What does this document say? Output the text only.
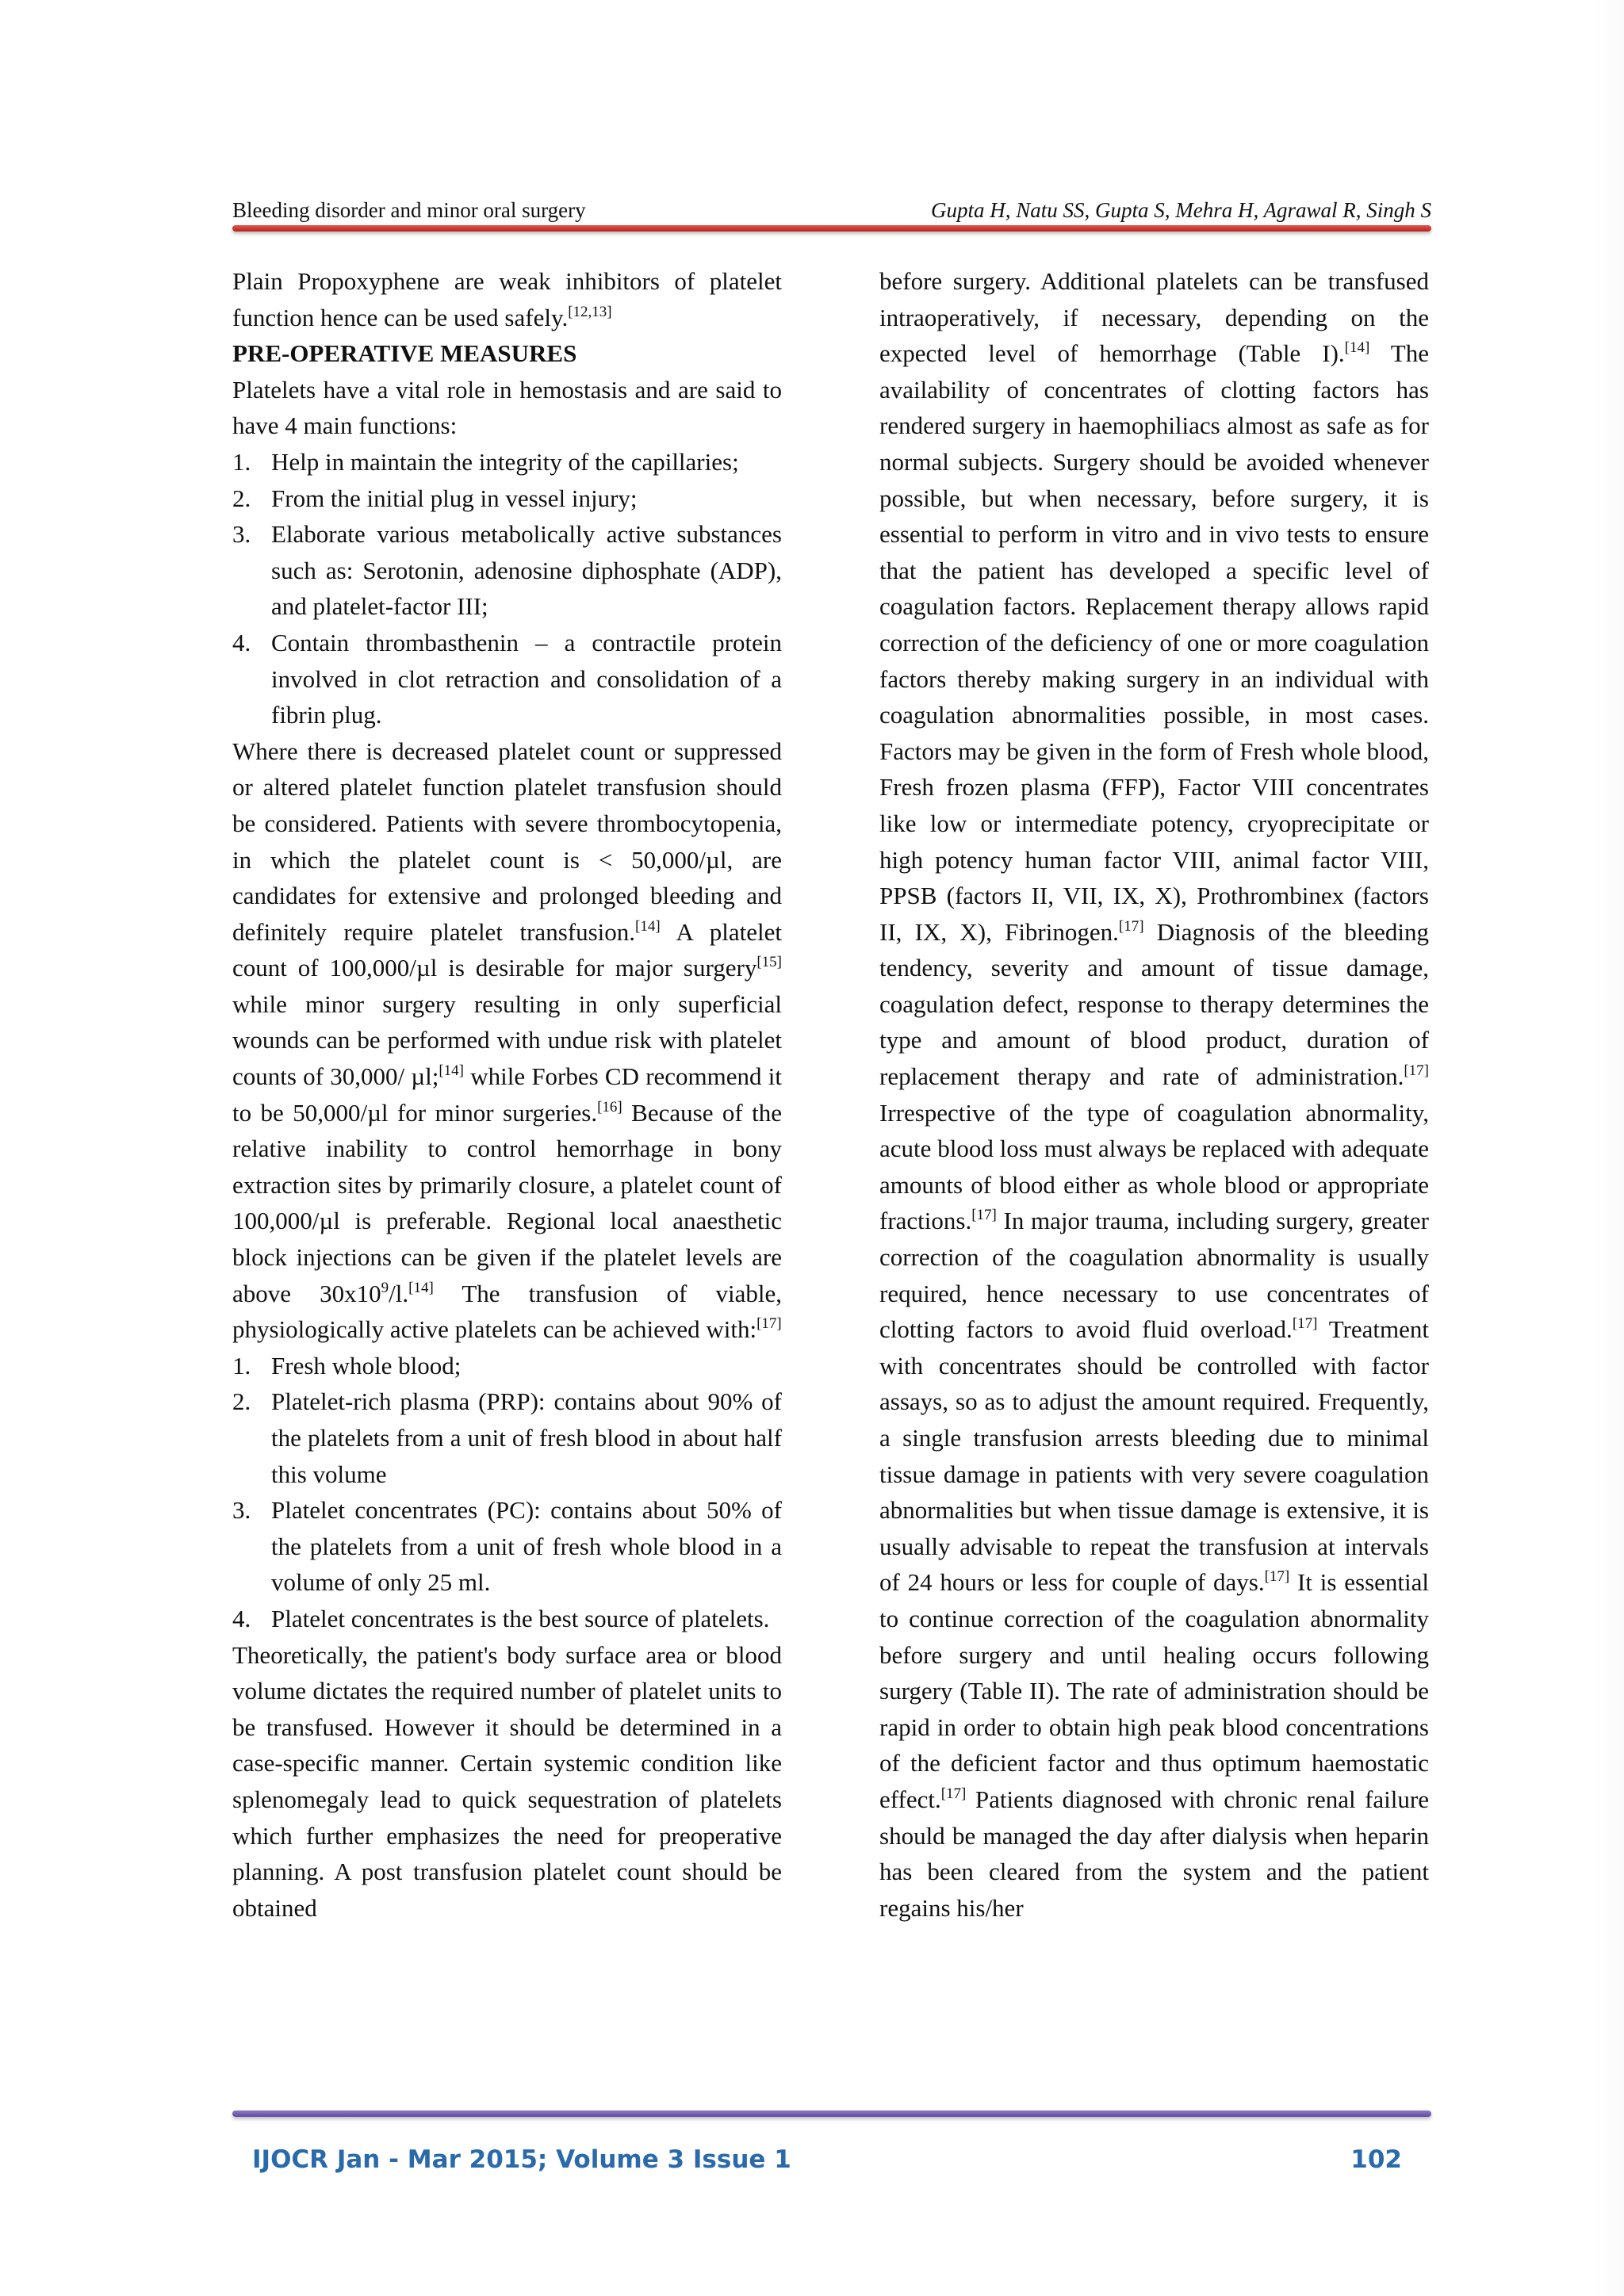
Bleeding disorder and minor oral surgery	Gupta H, Natu SS, Gupta S, Mehra H, Agrawal R, Singh S

Plain Propoxyphene are weak inhibitors of platelet function hence can be used safely.[12,13]

PRE-OPERATIVE MEASURES

Platelets have a vital role in hemostasis and are said to have 4 main functions:

1. Help in maintain the integrity of the capillaries;
2. From the initial plug in vessel injury;
3. Elaborate various metabolically active substances such as: Serotonin, adenosine diphosphate (ADP), and platelet-factor III;
4. Contain thrombasthenin – a contractile protein involved in clot retraction and consolidation of a fibrin plug.

Where there is decreased platelet count or suppressed or altered platelet function platelet transfusion should be considered. Patients with severe thrombocytopenia, in which the platelet count is < 50,000/µl, are candidates for extensive and prolonged bleeding and definitely require platelet transfusion.[14] A platelet count of 100,000/µl is desirable for major surgery[15] while minor surgery resulting in only superficial wounds can be performed with undue risk with platelet counts of 30,000/ µl;[14] while Forbes CD recommend it to be 50,000/µl for minor surgeries.[16] Because of the relative inability to control hemorrhage in bony extraction sites by primarily closure, a platelet count of 100,000/µl is preferable. Regional local anaesthetic block injections can be given if the platelet levels are above $30x10^9/l.[14]$ The transfusion of viable, physiologically active platelets can be achieved with:[17]

1. Fresh whole blood;
2. Platelet-rich plasma (PRP): contains about 90% of the platelets from a unit of fresh blood in about half this volume
3. Platelet concentrates (PC): contains about 50% of the platelets from a unit of fresh whole blood in a volume of only 25 ml.
4. Platelet concentrates is the best source of platelets.

Theoretically, the patient's body surface area or blood volume dictates the required number of platelet units to be transfused. However it should be determined in a case-specific manner. Certain systemic condition like splenomegaly lead to quick sequestration of platelets which further emphasizes the need for preoperative planning. A post transfusion platelet count should be obtained

before surgery. Additional platelets can be transfused intraoperatively, if necessary, depending on the expected level of hemorrhage (Table I).[14] The availability of concentrates of clotting factors has rendered surgery in haemophiliacs almost as safe as for normal subjects. Surgery should be avoided whenever possible, but when necessary, before surgery, it is essential to perform in vitro and in vivo tests to ensure that the patient has developed a specific level of coagulation factors. Replacement therapy allows rapid correction of the deficiency of one or more coagulation factors thereby making surgery in an individual with coagulation abnormalities possible, in most cases. Factors may be given in the form of Fresh whole blood, Fresh frozen plasma (FFP), Factor VIII concentrates like low or intermediate potency, cryoprecipitate or high potency human factor VIII, animal factor VIII, PPSB (factors II, VII, IX, X), Prothrombinex (factors II, IX, X), Fibrinogen.[17] Diagnosis of the bleeding tendency, severity and amount of tissue damage, coagulation defect, response to therapy determines the type and amount of blood product, duration of replacement therapy and rate of administration.[17] Irrespective of the type of coagulation abnormality, acute blood loss must always be replaced with adequate amounts of blood either as whole blood or appropriate fractions.[17] In major trauma, including surgery, greater correction of the coagulation abnormality is usually required, hence necessary to use concentrates of clotting factors to avoid fluid overload.[17] Treatment with concentrates should be controlled with factor assays, so as to adjust the amount required. Frequently, a single transfusion arrests bleeding due to minimal tissue damage in patients with very severe coagulation abnormalities but when tissue damage is extensive, it is usually advisable to repeat the transfusion at intervals of 24 hours or less for couple of days.[17] It is essential to continue correction of the coagulation abnormality before surgery and until healing occurs following surgery (Table II). The rate of administration should be rapid in order to obtain high peak blood concentrations of the deficient factor and thus optimum haemostatic effect.[17] Patients diagnosed with chronic renal failure should be managed the day after dialysis when heparin has been cleared from the system and the patient regains his/her

IJOCR Jan - Mar 2015; Volume 3 Issue 1	102
